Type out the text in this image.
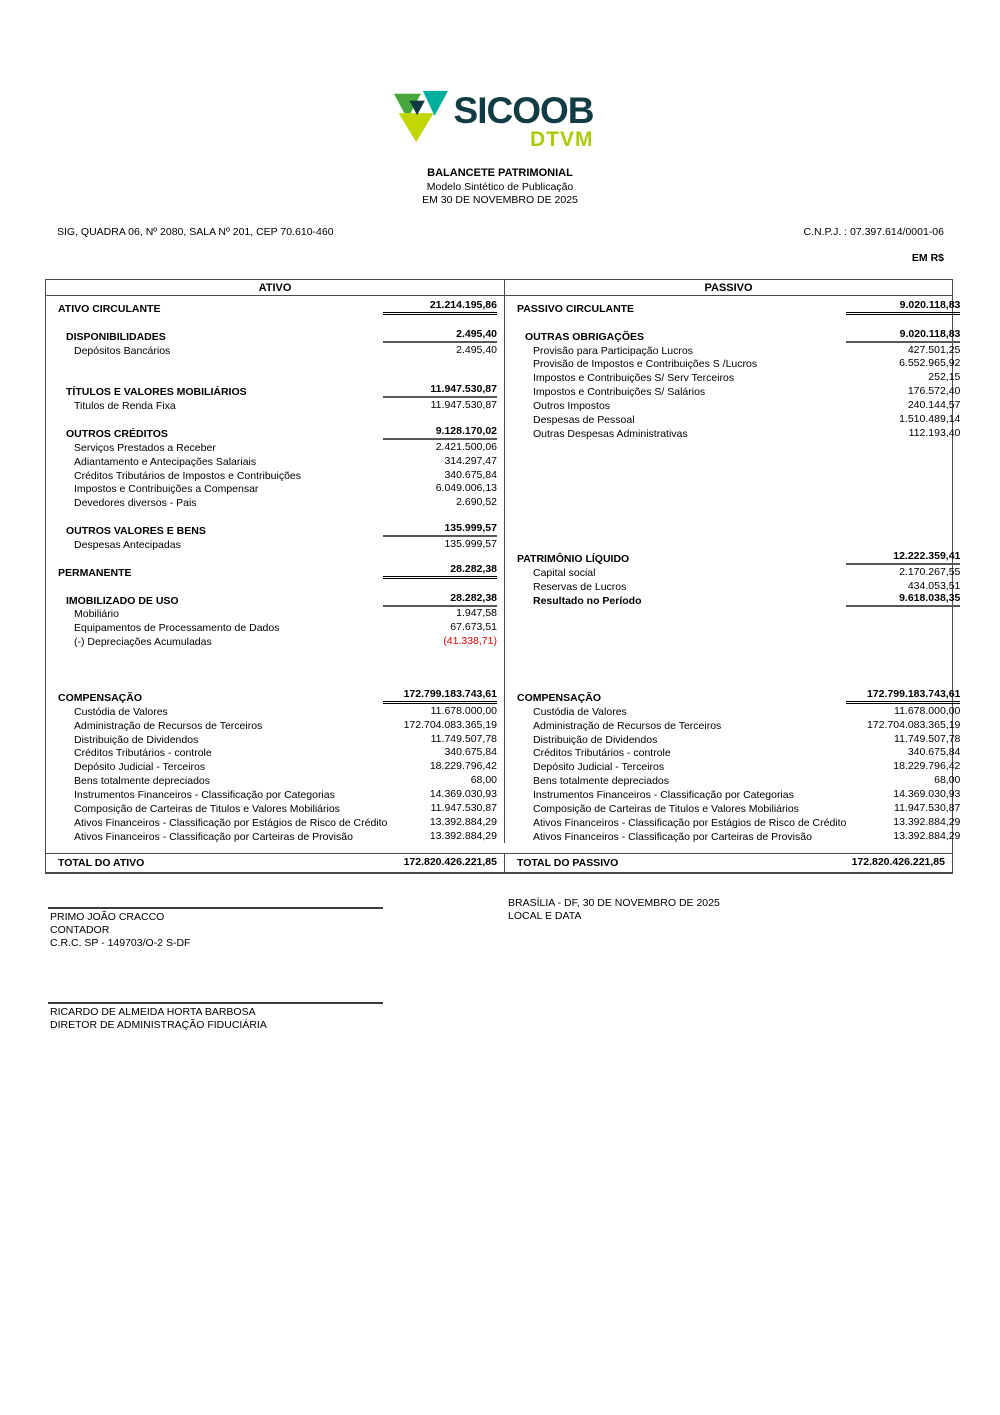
SICOOB
DTVM
BALANCETE PATRIMONIAL
Modelo Sintético de Publicação
EM 30 DE NOVEMBRO DE 2025
SIG, QUADRA 06, Nº 2080, SALA Nº 201, CEP 70.610-460	C.N.P.J. : 07.397.614/0001-06
EM R$
ATIVO	PASSIVO
ATIVO CIRCULANTE	21.214.195,86
DISPONIBILIDADES	2.495,40
Depósitos Bancários	2.495,40
TÍTULOS E VALORES MOBILIÁRIOS	11.947.530,87
Titulos de Renda Fixa	11.947.530,87
OUTROS CRÉDITOS	9.128.170,02
Serviços Prestados a Receber	2.421.500,06
Adiantamento e Antecipações Salariais	314.297,47
Créditos Tributários de Impostos e Contribuições	340.675,84
Impostos e Contribuições a Compensar	6.049.006,13
Devedores diversos - Pais	2.690,52
OUTROS VALORES E BENS	135.999,57
Despesas Antecipadas	135.999,57
PERMANENTE	28.282,38
IMOBILIZADO DE USO	28.282,38
Mobiliário	1.947,58
Equipamentos de Processamento de Dados	67.673,51
(-) Depreciações Acumuladas	(41.338,71)
COMPENSAÇÃO	172.799.183.743,61
Custódia de Valores	11.678.000,00
Administração de Recursos de Terceiros	172.704.083.365,19
Distribuição de Dividendos	11.749.507,78
Créditos Tributários - controle	340.675,84
Depósito Judicial - Terceiros	18.229.796,42
Bens totalmente depreciados	68,00
Instrumentos Financeiros - Classificação por Categorias	14.369.030,93
Composição de Carteiras de Titulos e Valores Mobiliários	11.947.530,87
Ativos Financeiros - Classificação por Estágios de Risco de Crédito	13.392.884,29
Ativos Financeiros - Classificação por Carteiras de Provisão	13.392.884,29
PASSIVO CIRCULANTE	9.020.118,83
OUTRAS OBRIGAÇÕES	9.020.118,83
Provisão para Participação Lucros	427.501,25
Provisão de Impostos e Contribuições S /Lucros	6.552.965,92
Impostos e Contribuições S/ Serv Terceiros	252,15
Impostos e Contribuições S/ Salários	176.572,40
Outros Impostos	240.144,57
Despesas de Pessoal	1.510.489,14
Outras Despesas Administrativas	112.193,40
PATRIMÔNIO LÍQUIDO	12.222.359,41
Capital social	2.170.267,55
Reservas de Lucros	434.053,51
Resultado no Período	9.618.038,35
COMPENSAÇÃO	172.799.183.743,61
Custódia de Valores	11.678.000,00
Administração de Recursos de Terceiros	172.704.083.365,19
Distribuição de Dividendos	11.749.507,78
Créditos Tributários - controle	340.675,84
Depósito Judicial - Terceiros	18.229.796,42
Bens totalmente depreciados	68,00
Instrumentos Financeiros - Classificação por Categorias	14.369.030,93
Composição de Carteiras de Titulos e Valores Mobiliários	11.947.530,87
Ativos Financeiros - Classificação por Estágios de Risco de Crédito	13.392.884,29
Ativos Financeiros - Classificação por Carteiras de Provisão	13.392.884,29
TOTAL DO ATIVO	172.820.426.221,85	TOTAL DO PASSIVO	172.820.426.221,85
PRIMO JOÃO CRACCO
CONTADOR
C.R.C. SP - 149703/O-2 S-DF
BRASÍLIA - DF, 30 DE NOVEMBRO DE 2025
LOCAL E DATA
RICARDO DE ALMEIDA HORTA BARBOSA
DIRETOR DE ADMINISTRAÇÃO FIDUCIÁRIA
